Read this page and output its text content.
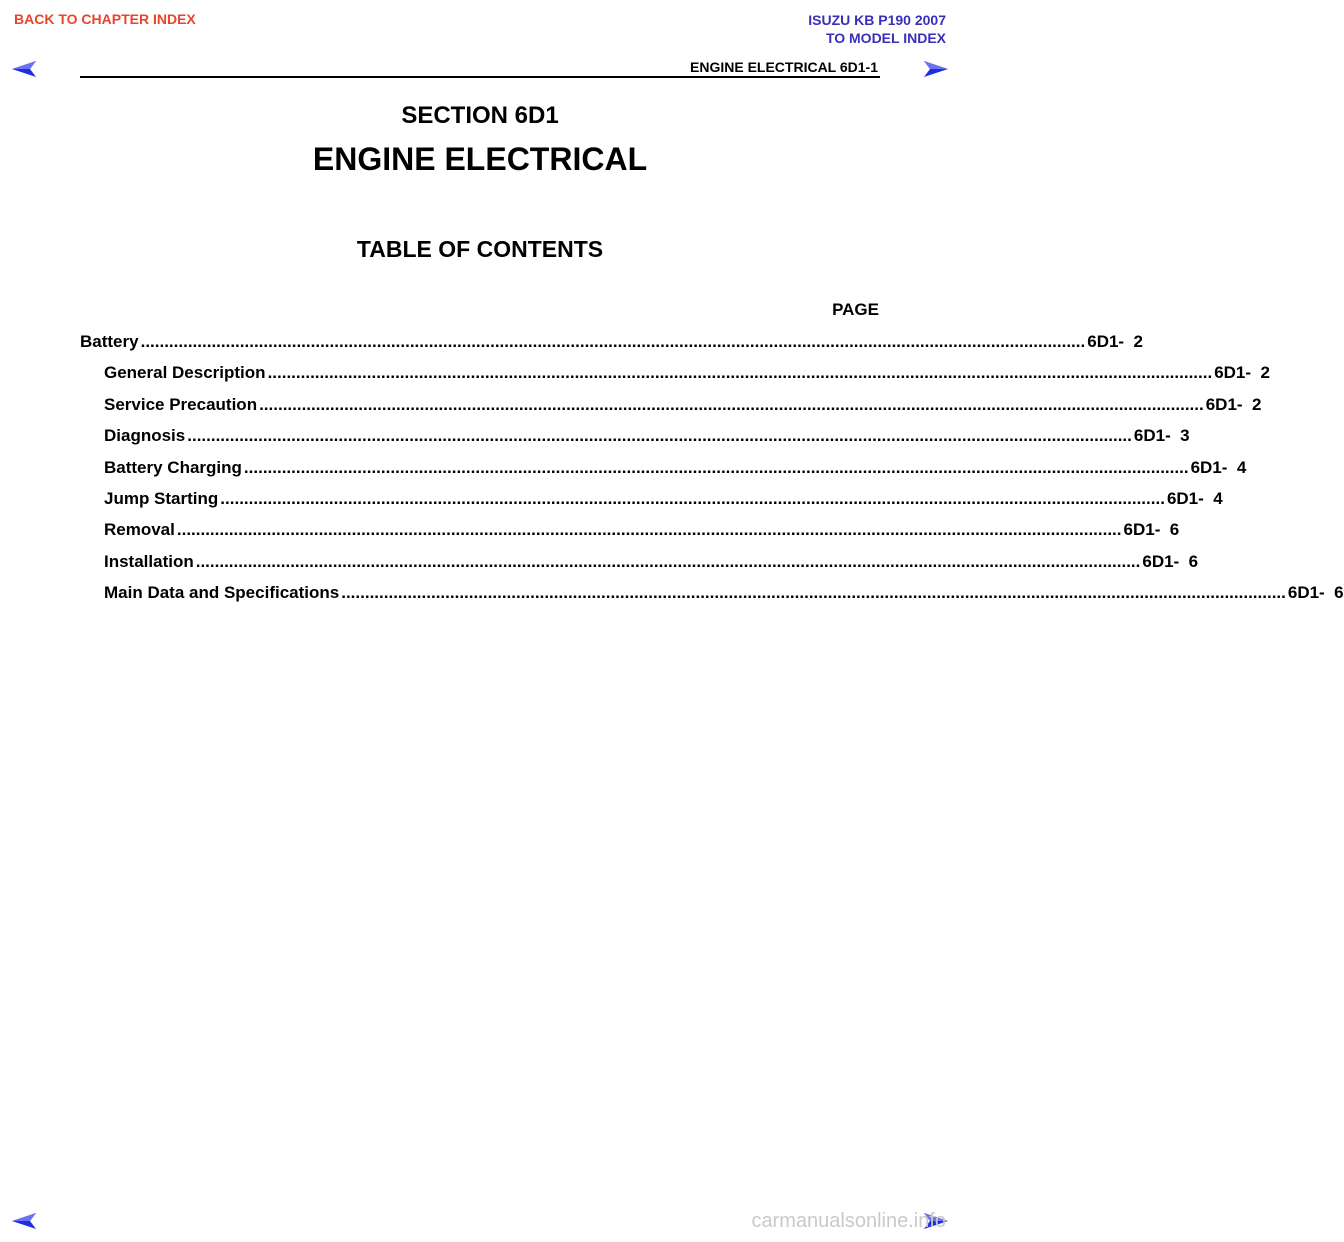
BACK TO CHAPTER INDEX	ISUZU KB P190 2007
TO MODEL INDEX
ENGINE ELECTRICAL 6D1-1
SECTION 6D1
ENGINE ELECTRICAL
TABLE OF CONTENTS
PAGE
Battery ........................................................................................................................................................................................................ 6D1-  2
General Description ........................................................................................................................................................................................................ 6D1-  2
Service Precaution ........................................................................................................................................................................................................ 6D1-  2
Diagnosis ........................................................................................................................................................................................................ 6D1-  3
Battery Charging ........................................................................................................................................................................................................ 6D1-  4
Jump Starting ........................................................................................................................................................................................................ 6D1-  4
Removal ........................................................................................................................................................................................................ 6D1-  6
Installation ........................................................................................................................................................................................................ 6D1-  6
Main Data and Specifications ........................................................................................................................................................................................................ 6D1-  6
carmanualsonline.info
